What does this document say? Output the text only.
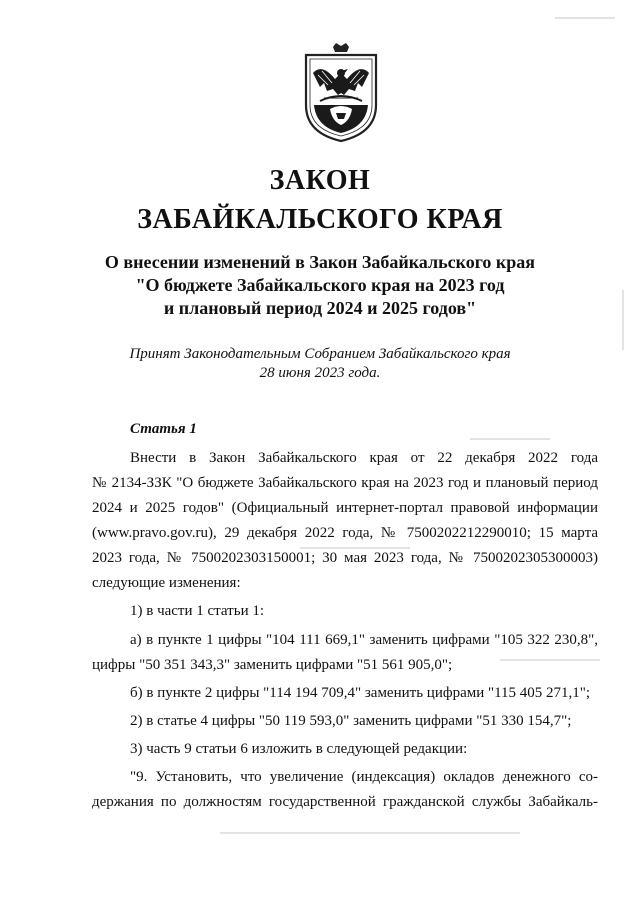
ЗАКОН
ЗАБАЙКАЛЬСКОГО КРАЯ
О внесении изменений в Закон Забайкальского края
"О бюджете Забайкальского края на 2023 год
и плановый период 2024 и 2025 годов"
Принят Законодательным Собранием Забайкальского края
28 июня 2023 года.
Статья 1
Внести в Закон Забайкальского края от 22 декабря 2022 года
№ 2134-ЗЗК "О бюджете Забайкальского края на 2023 год и плановый период
2024 и 2025 годов" (Официальный интернет-портал правовой информации
(www.pravo.gov.ru), 29 декабря 2022 года, № 7500202212290010; 15 марта
2023 года, № 7500202303150001; 30 мая 2023 года, № 7500202305300003)
следующие изменения:
1) в части 1 статьи 1:
а) в пункте 1 цифры "104 111 669,1" заменить цифрами "105 322 230,8",
цифры "50 351 343,3" заменить цифрами "51 561 905,0";
б) в пункте 2 цифры "114 194 709,4" заменить цифрами "115 405 271,1";
2) в статье 4 цифры "50 119 593,0" заменить цифрами "51 330 154,7";
3) часть 9 статьи 6 изложить в следующей редакции:
"9. Установить, что увеличение (индексация) окладов денежного со-
держания по должностям государственной гражданской службы Забайкаль-
